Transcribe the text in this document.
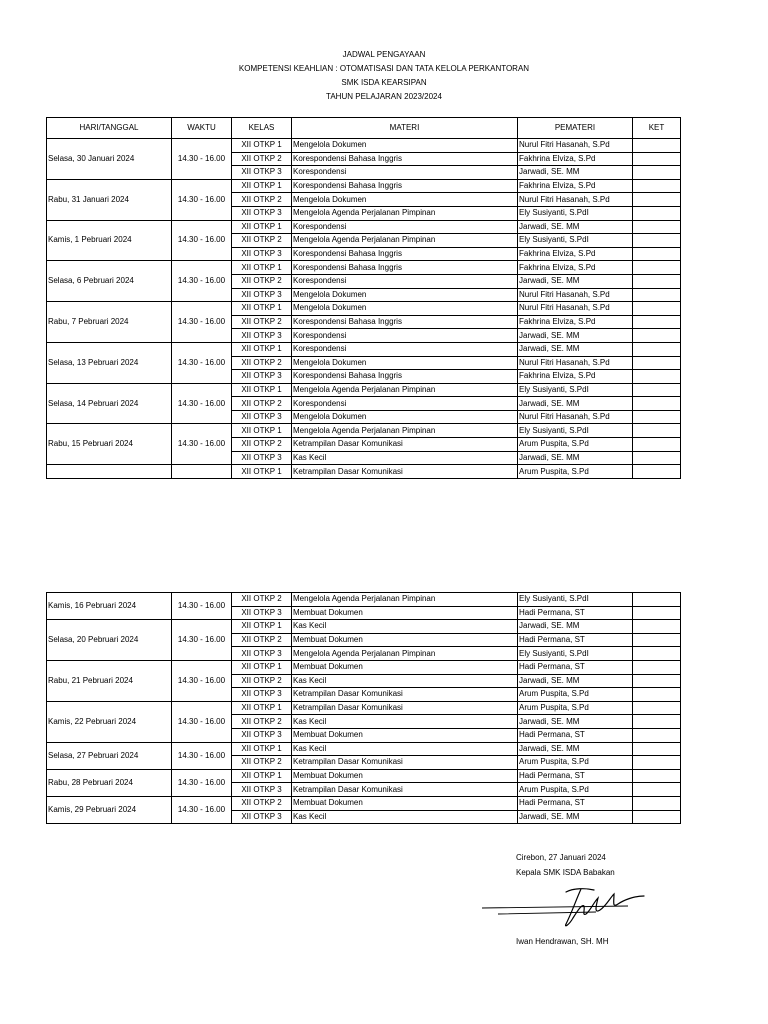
JADWAL PENGAYAAN
KOMPETENSI KEAHLIAN : OTOMATISASI DAN TATA KELOLA PERKANTORAN
SMK ISDA KEARSIPAN
TAHUN PELAJARAN 2023/2024
HARI/TANGGAL	WAKTU	KELAS	MATERI	PEMATERI	KET
Selasa, 30 Januari 2024	14.30 - 16.00	XII OTKP 1	Mengelola Dokumen	Nurul Fitri Hasanah, S.Pd	
		XII OTKP 2	Korespondensi Bahasa Inggris	Fakhrina Elviza, S.Pd	
		XII OTKP 3	Korespondensi	Jarwadi, SE. MM	
Rabu, 31 Januari 2024	14.30 - 16.00	XII OTKP 1	Korespondensi Bahasa Inggris	Fakhrina Elviza, S.Pd	
		XII OTKP 2	Mengelola Dokumen	Nurul Fitri Hasanah, S.Pd	
		XII OTKP 3	Mengelola Agenda Perjalanan Pimpinan	Ely Susiyanti, S.PdI	
Kamis, 1 Pebruari 2024	14.30 - 16.00	XII OTKP 1	Korespondensi	Jarwadi, SE. MM	
		XII OTKP 2	Mengelola Agenda Perjalanan Pimpinan	Ely Susiyanti, S.PdI	
		XII OTKP 3	Korespondensi Bahasa Inggris	Fakhrina Elviza, S.Pd	
Selasa, 6 Pebruari 2024	14.30 - 16.00	XII OTKP 1	Korespondensi Bahasa Inggris	Fakhrina Elviza, S.Pd	
		XII OTKP 2	Korespondensi	Jarwadi, SE. MM	
		XII OTKP 3	Mengelola Dokumen	Nurul Fitri Hasanah, S.Pd	
Rabu, 7 Pebruari 2024	14.30 - 16.00	XII OTKP 1	Mengelola Dokumen	Nurul Fitri Hasanah, S.Pd	
		XII OTKP 2	Korespondensi Bahasa Inggris	Fakhrina Elviza, S.Pd	
		XII OTKP 3	Korespondensi	Jarwadi, SE. MM	
Selasa, 13 Pebruari 2024	14.30 - 16.00	XII OTKP 1	Korespondensi	Jarwadi, SE. MM	
		XII OTKP 2	Mengelola Dokumen	Nurul Fitri Hasanah, S.Pd	
		XII OTKP 3	Korespondensi Bahasa Inggris	Fakhrina Elviza, S.Pd	
Selasa, 14 Pebruari 2024	14.30 - 16.00	XII OTKP 1	Mengelola Agenda Perjalanan Pimpinan	Ely Susiyanti, S.PdI	
		XII OTKP 2	Korespondensi	Jarwadi, SE. MM	
		XII OTKP 3	Mengelola Dokumen	Nurul Fitri Hasanah, S.Pd	
Rabu, 15 Pebruari 2024	14.30 - 16.00	XII OTKP 1	Mengelola Agenda Perjalanan Pimpinan	Ely Susiyanti, S.PdI	
		XII OTKP 2	Ketrampilan Dasar Komunikasi	Arum Puspita, S.Pd	
		XII OTKP 3	Kas Kecil	Jarwadi, SE. MM	
		XII OTKP 1	Ketrampilan Dasar Komunikasi	Arum Puspita, S.Pd	
Kamis, 16 Pebruari 2024	14.30 - 16.00	XII OTKP 2	Mengelola Agenda Perjalanan Pimpinan	Ely Susiyanti, S.PdI	
		XII OTKP 3	Membuat Dokumen	Hadi Permana, ST	
Selasa, 20 Pebruari 2024	14.30 - 16.00	XII OTKP 1	Kas Kecil	Jarwadi, SE. MM	
		XII OTKP 2	Membuat Dokumen	Hadi Permana, ST	
		XII OTKP 3	Mengelola Agenda Perjalanan Pimpinan	Ely Susiyanti, S.PdI	
Rabu, 21 Pebruari 2024	14.30 - 16.00	XII OTKP 1	Membuat Dokumen	Hadi Permana, ST	
		XII OTKP 2	Kas Kecil	Jarwadi, SE. MM	
		XII OTKP 3	Ketrampilan Dasar Komunikasi	Arum Puspita, S.Pd	
Kamis, 22 Pebruari 2024	14.30 - 16.00	XII OTKP 1	Ketrampilan Dasar Komunikasi	Arum Puspita, S.Pd	
		XII OTKP 2	Kas Kecil	Jarwadi, SE. MM	
		XII OTKP 3	Membuat Dokumen	Hadi Permana, ST	
Selasa, 27 Pebruari 2024	14.30 - 16.00	XII OTKP 1	Kas Kecil	Jarwadi, SE. MM	
		XII OTKP 2	Ketrampilan Dasar Komunikasi	Arum Puspita, S.Pd	
Rabu, 28 Pebruari 2024	14.30 - 16.00	XII OTKP 1	Membuat Dokumen	Hadi Permana, ST	
		XII OTKP 3	Ketrampilan Dasar Komunikasi	Arum Puspita, S.Pd	
Kamis, 29 Pebruari 2024	14.30 - 16.00	XII OTKP 2	Membuat Dokumen	Hadi Permana, ST	
		XII OTKP 3	Kas Kecil	Jarwadi, SE. MM	
Cirebon, 27 Januari 2024
Kepala SMK ISDA Babakan
Iwan Hendrawan, SH. MH
